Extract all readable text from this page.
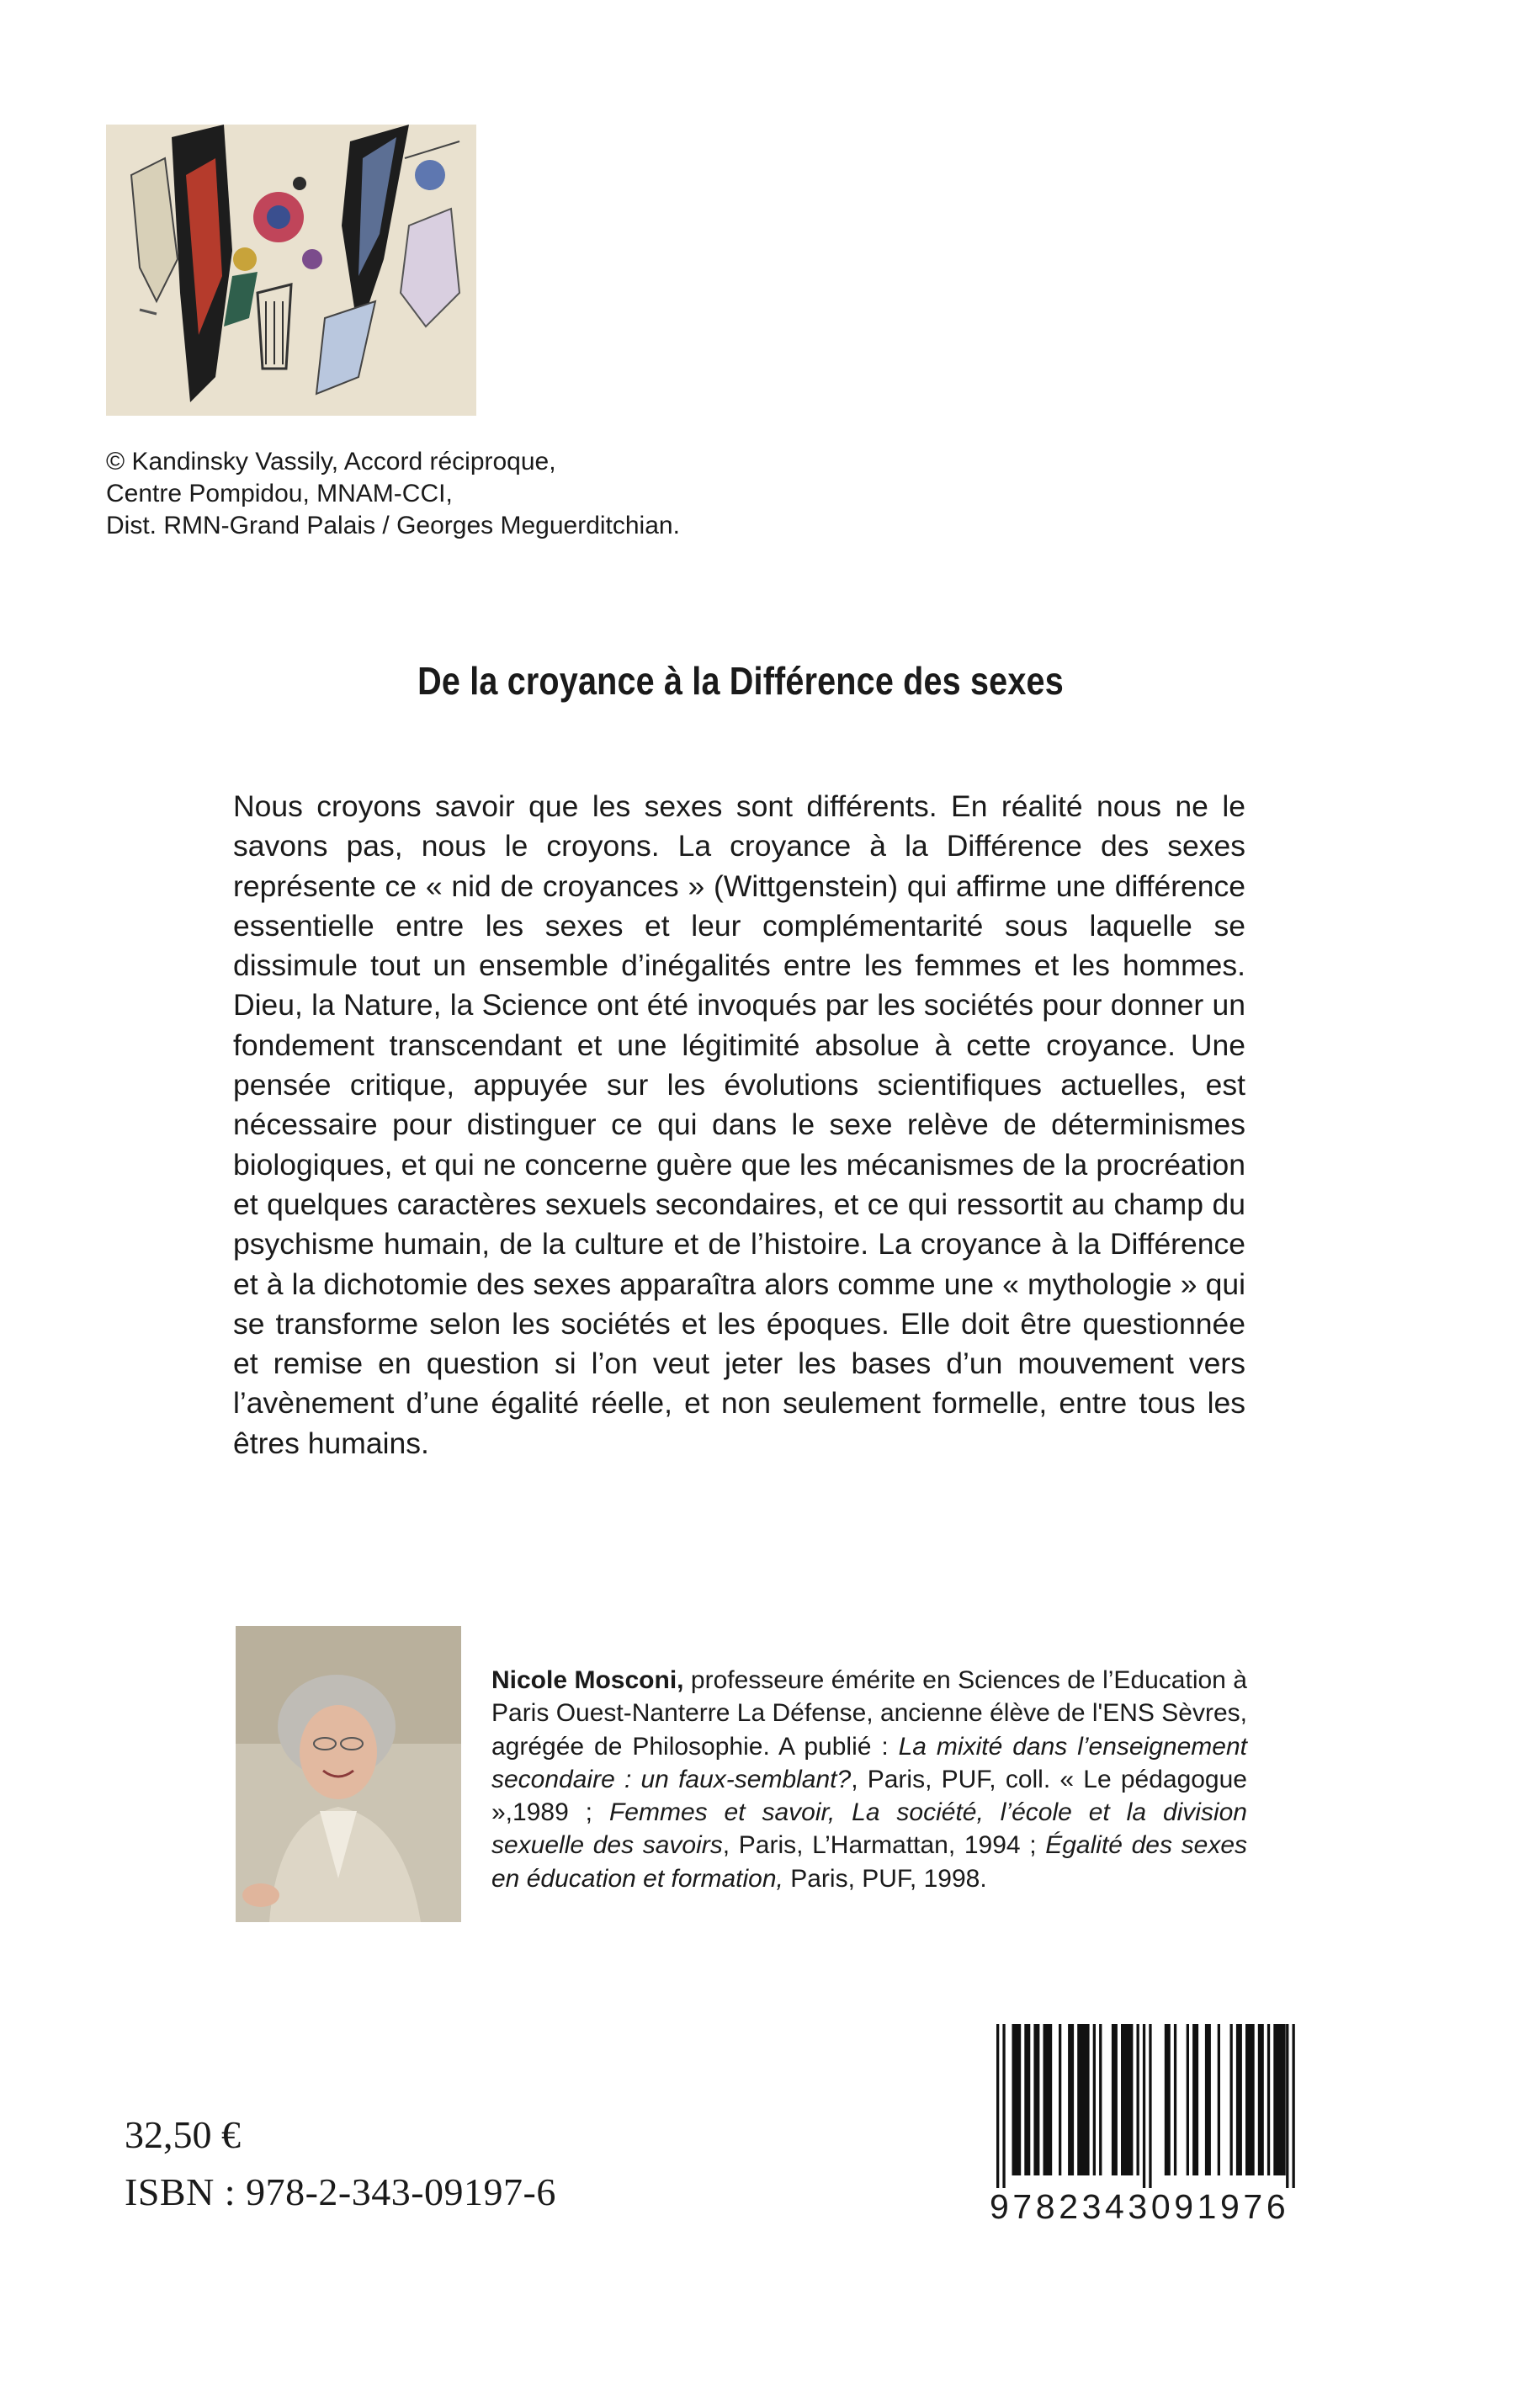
© Kandinsky Vassily, Accord réciproque,
Centre Pompidou, MNAM-CCI,
Dist. RMN-Grand Palais / Georges Meguerditchian.
De la croyance à la Différence des sexes
Nous croyons savoir que les sexes sont différents. En réalité nous ne le savons pas, nous le croyons. La croyance à la Différence des sexes représente ce « nid de croyances » (Wittgenstein) qui affirme une différence essentielle entre les sexes et leur complémentarité sous laquelle se dissimule tout un ensemble d’inégalités entre les femmes et les hommes. Dieu, la Nature, la Science ont été invoqués par les sociétés pour donner un fondement transcendant et une légitimité absolue à cette croyance. Une pensée critique, appuyée sur les évolutions scientifiques actuelles, est nécessaire pour distinguer ce qui dans le sexe relève de déterminismes biologiques, et qui ne concerne guère que les mécanismes de la procréation et quelques caractères sexuels secondaires, et ce qui ressortit au champ du psychisme humain, de la culture et de l’histoire. La croyance à la Différence et à la dichotomie des sexes apparaîtra alors comme une « mythologie » qui se transforme selon les sociétés et les époques. Elle doit être questionnée et remise en question si l’on veut jeter les bases d’un mouvement vers l’avènement d’une égalité réelle, et non seulement formelle, entre tous les êtres humains.
Nicole Mosconi, professeure émérite en Sciences de l’Education à Paris Ouest-Nanterre La Défense, ancienne élève de l'ENS Sèvres, agrégée de Philosophie. A publié : La mixité dans l’enseignement secondaire : un faux-semblant?, Paris, PUF, coll. « Le pédagogue »,1989 ; Femmes et savoir, La société, l’école et la division sexuelle des savoirs, Paris, L’Harmattan, 1994 ; Égalité des sexes en éducation et formation, Paris, PUF, 1998.
32,50 €
ISBN : 978-2-343-09197-6	9782343091976
